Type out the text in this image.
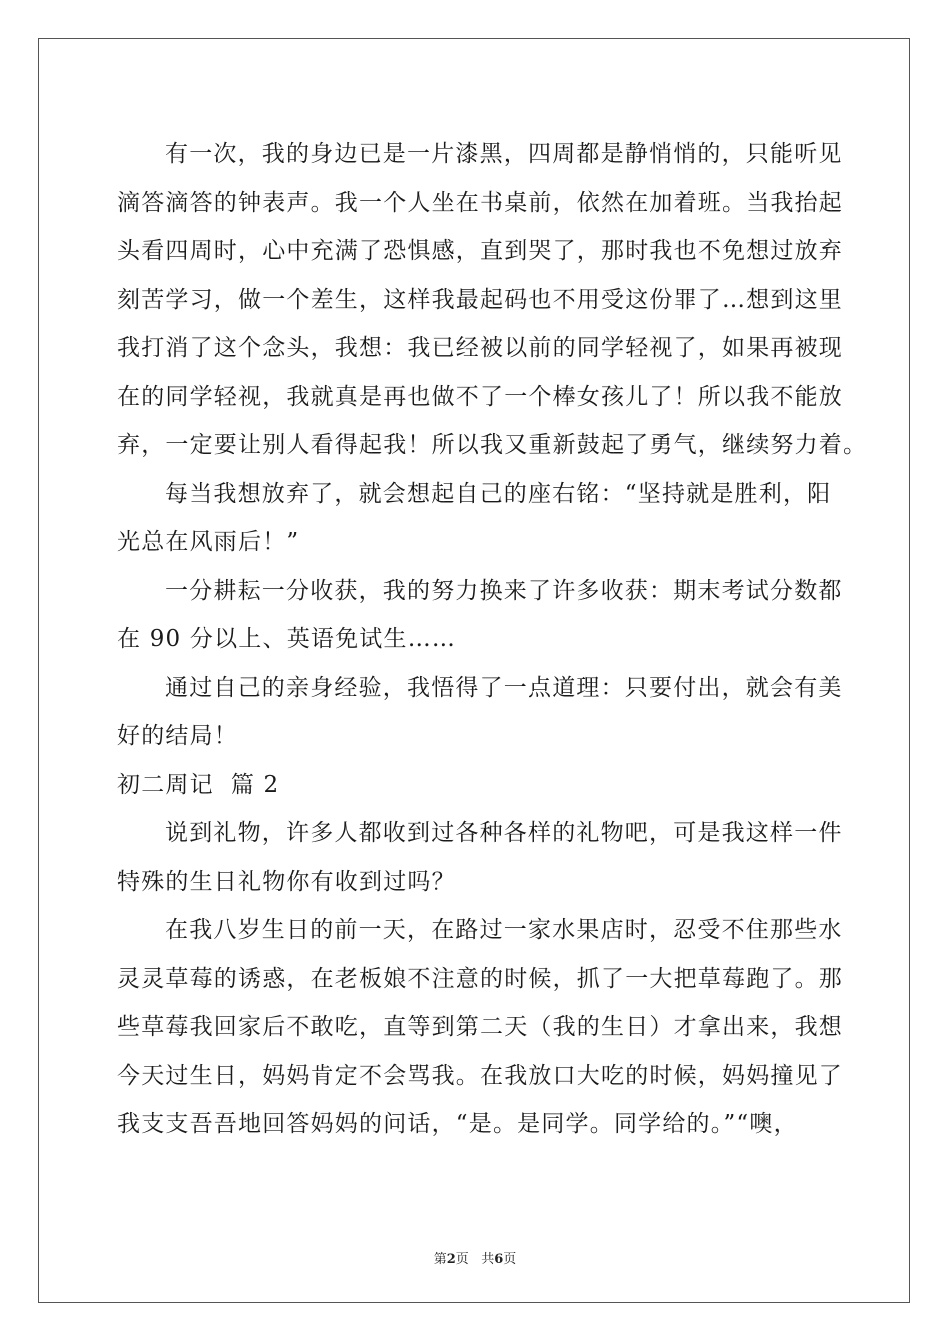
有一次，我的身边已是一片漆黑，四周都是静悄悄的，只能听见
滴答滴答的钟表声。我一个人坐在书桌前，依然在加着班。当我抬起
头看四周时，心中充满了恐惧感，直到哭了，那时我也不免想过放弃
刻苦学习，做一个差生，这样我最起码也不用受这份罪了…想到这里
我打消了这个念头，我想：我已经被以前的同学轻视了，如果再被现
在的同学轻视，我就真是再也做不了一个棒女孩儿了！所以我不能放
弃，一定要让别人看得起我！所以我又重新鼓起了勇气，继续努力着。
每当我想放弃了，就会想起自己的座右铭：“坚持就是胜利，阳
光总在风雨后！”
一分耕耘一分收获，我的努力换来了许多收获：期末考试分数都
在 90 分以上、英语免试生……
通过自己的亲身经验，我悟得了一点道理：只要付出，就会有美
好的结局！
初二周记  篇 2
说到礼物，许多人都收到过各种各样的礼物吧，可是我这样一件
特殊的生日礼物你有收到过吗？
在我八岁生日的前一天，在路过一家水果店时，忍受不住那些水
灵灵草莓的诱惑，在老板娘不注意的时候，抓了一大把草莓跑了。那
些草莓我回家后不敢吃，直等到第二天（我的生日）才拿出来，我想
今天过生日，妈妈肯定不会骂我。在我放口大吃的时候，妈妈撞见了
我支支吾吾地回答妈妈的问话，“是。是同学。同学给的。”“噢，
第2页   共6页
